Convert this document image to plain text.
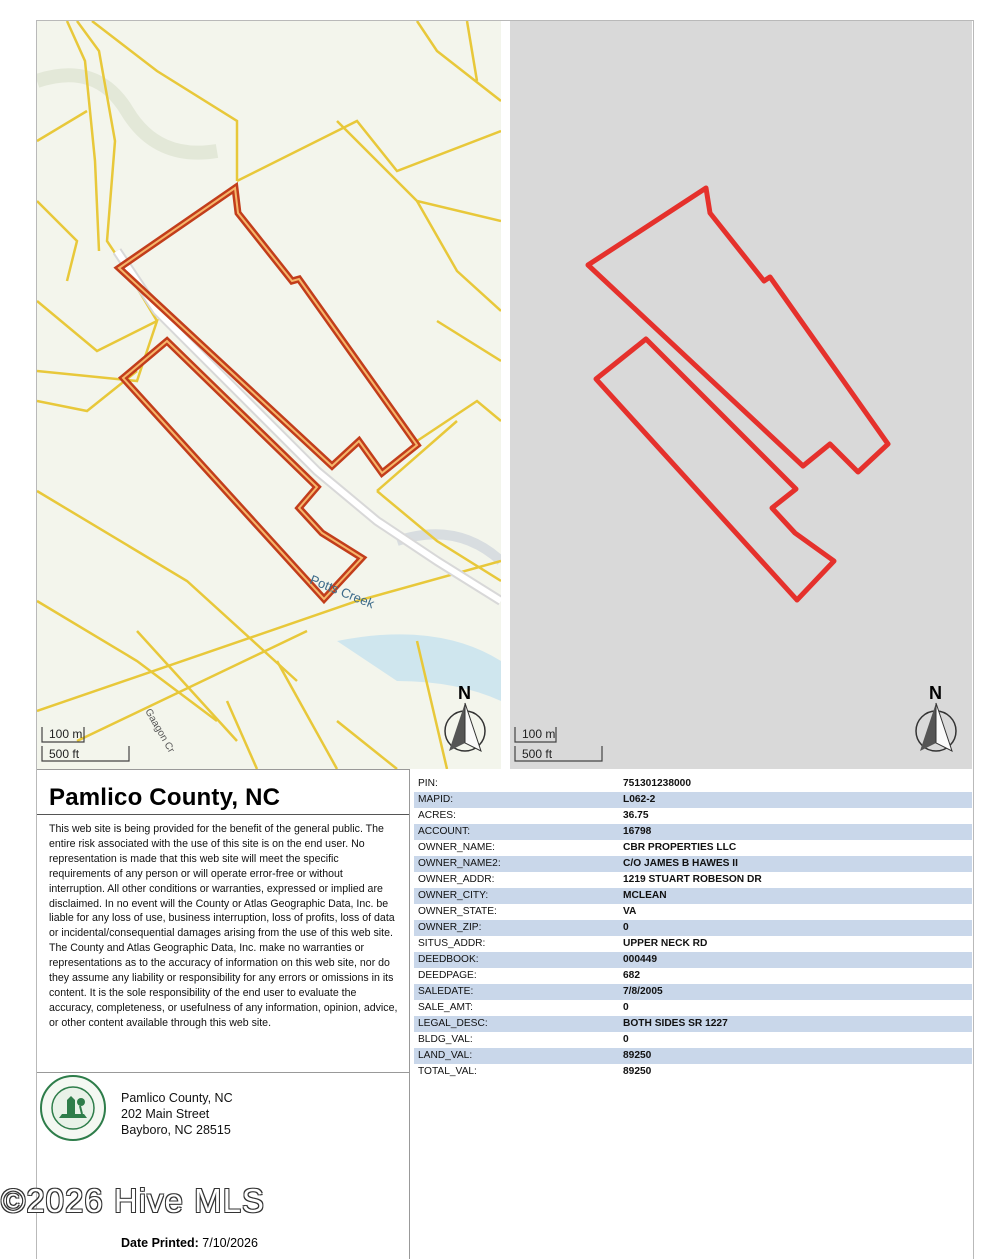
Potts Creek
Gaagon Cr
100 m
500 ft
N
100 m
500 ft
N
Pamlico County, NC
This web site is being provided for the benefit of the general public. The entire risk associated with the use of this site is on the end user. No representation is made that this web site will meet the specific requirements of any person or will operate error-free or without interruption. All other conditions or warranties, expressed or implied are disclaimed. In no event will the County or Atlas Geographic Data, Inc. be liable for any loss of use, business interruption, loss of profits, loss of data or incidental/consequential damages arising from the use of this web site. The County and Atlas Geographic Data, Inc. make no warranties or representations as to the accuracy of information on this web site, nor do they assume any liability or responsibility for any errors or omissions in its content. It is the sole responsibility of the end user to evaluate the accuracy, completeness, or usefulness of any information, opinion, advice, or other content available through this web site.
Pamlico County, NC
202 Main Street
Bayboro, NC 28515
©2026 Hive MLS
Date Printed: 7/10/2026
PIN:	751301238000
MAPID:	L062-2
ACRES:	36.75
ACCOUNT:	16798
OWNER_NAME:	CBR PROPERTIES LLC
OWNER_NAME2:	C/O JAMES B HAWES II
OWNER_ADDR:	1219 STUART ROBESON DR
OWNER_CITY:	MCLEAN
OWNER_STATE:	VA
OWNER_ZIP:	0
SITUS_ADDR:	UPPER NECK RD
DEEDBOOK:	000449
DEEDPAGE:	682
SALEDATE:	7/8/2005
SALE_AMT:	0
LEGAL_DESC:	BOTH SIDES SR 1227
BLDG_VAL:	0
LAND_VAL:	89250
TOTAL_VAL:	89250
